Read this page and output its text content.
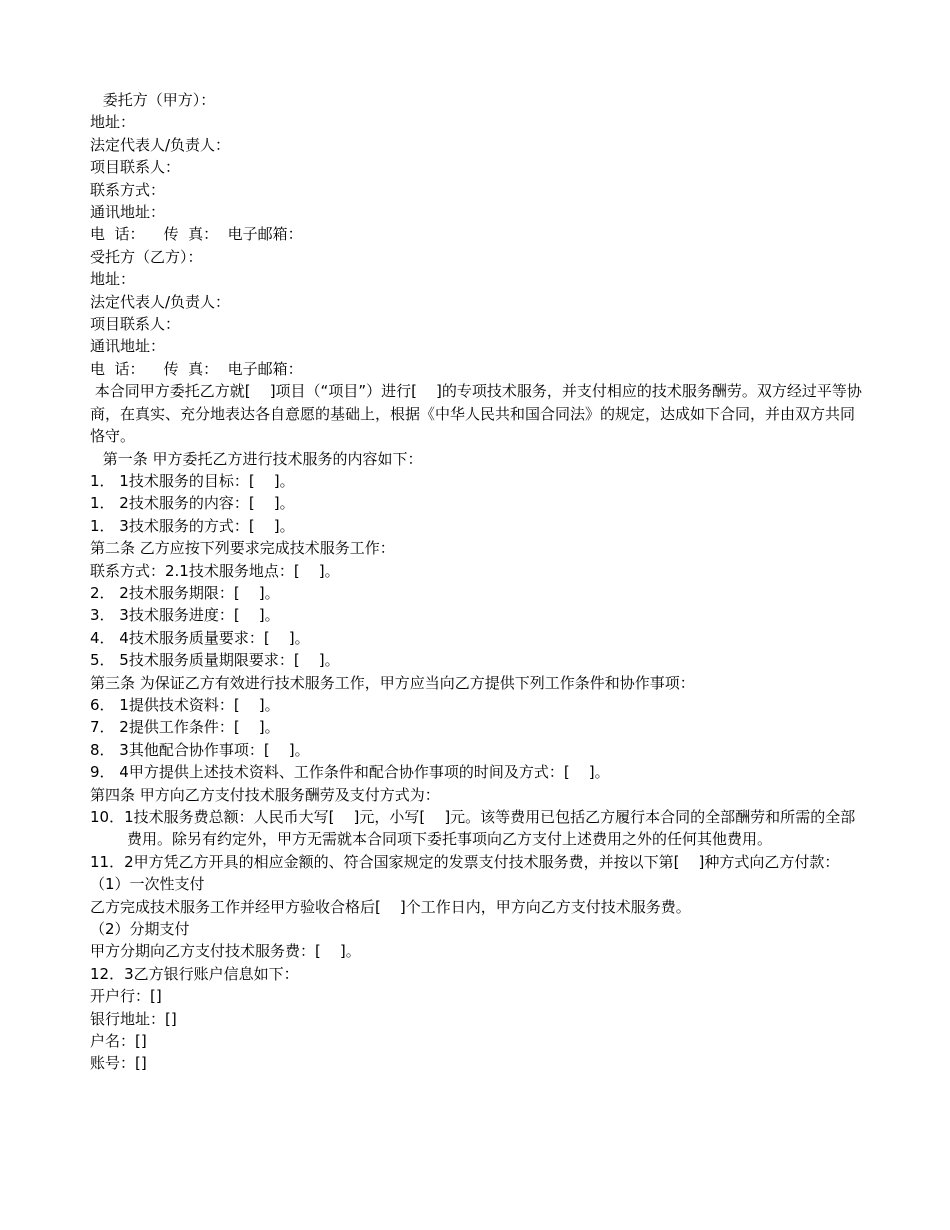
委托方（甲方）：

地址：

法定代表人/负责人：

项目联系人：

联系方式：

通讯地址：

电  话：    传  真：  电子邮箱：

受托方（乙方）：

地址：

法定代表人/负责人：

项目联系人：

通讯地址：

电  话：    传  真：  电子邮箱：

本合同甲方委托乙方就[    ]项目（“项目”）进行[    ]的专项技术服务，并支付相应的技术服务酬劳。双方经过平等协商，在真实、充分地表达各自意愿的基础上，根据《中华人民共和国合同法》的规定，达成如下合同，并由双方共同恪守。

第一条 甲方委托乙方进行技术服务的内容如下：

1． 1技术服务的目标：[    ]。

1． 2技术服务的内容：[    ]。

1． 3技术服务的方式：[    ]。

第二条 乙方应按下列要求完成技术服务工作：

联系方式：2.1技术服务地点：[    ]。

2． 2技术服务期限：[    ]。

3． 3技术服务进度：[    ]。

4． 4技术服务质量要求：[    ]。

5． 5技术服务质量期限要求：[    ]。

第三条 为保证乙方有效进行技术服务工作，甲方应当向乙方提供下列工作条件和协作事项：

6． 1提供技术资料：[    ]。

7． 2提供工作条件：[    ]。

8． 3其他配合协作事项：[    ]。

9． 4甲方提供上述技术资料、工作条件和配合协作事项的时间及方式：[    ]。

第四条 甲方向乙方支付技术服务酬劳及支付方式为：

10．1技术服务费总额：人民币大写[    ]元，小写[    ]元。该等费用已包括乙方履行本合同的全部酬劳和所需的全部费用。除另有约定外，甲方无需就本合同项下委托事项向乙方支付上述费用之外的任何其他费用。

11．2甲方凭乙方开具的相应金额的、符合国家规定的发票支付技术服务费，并按以下第[    ]种方式向乙方付款：

（1）一次性支付

乙方完成技术服务工作并经甲方验收合格后[    ]个工作日内，甲方向乙方支付技术服务费。

（2）分期支付

甲方分期向乙方支付技术服务费：[    ]。

12．3乙方银行账户信息如下：

开户行：[]

银行地址：[]

户名：[]

账号：[]
